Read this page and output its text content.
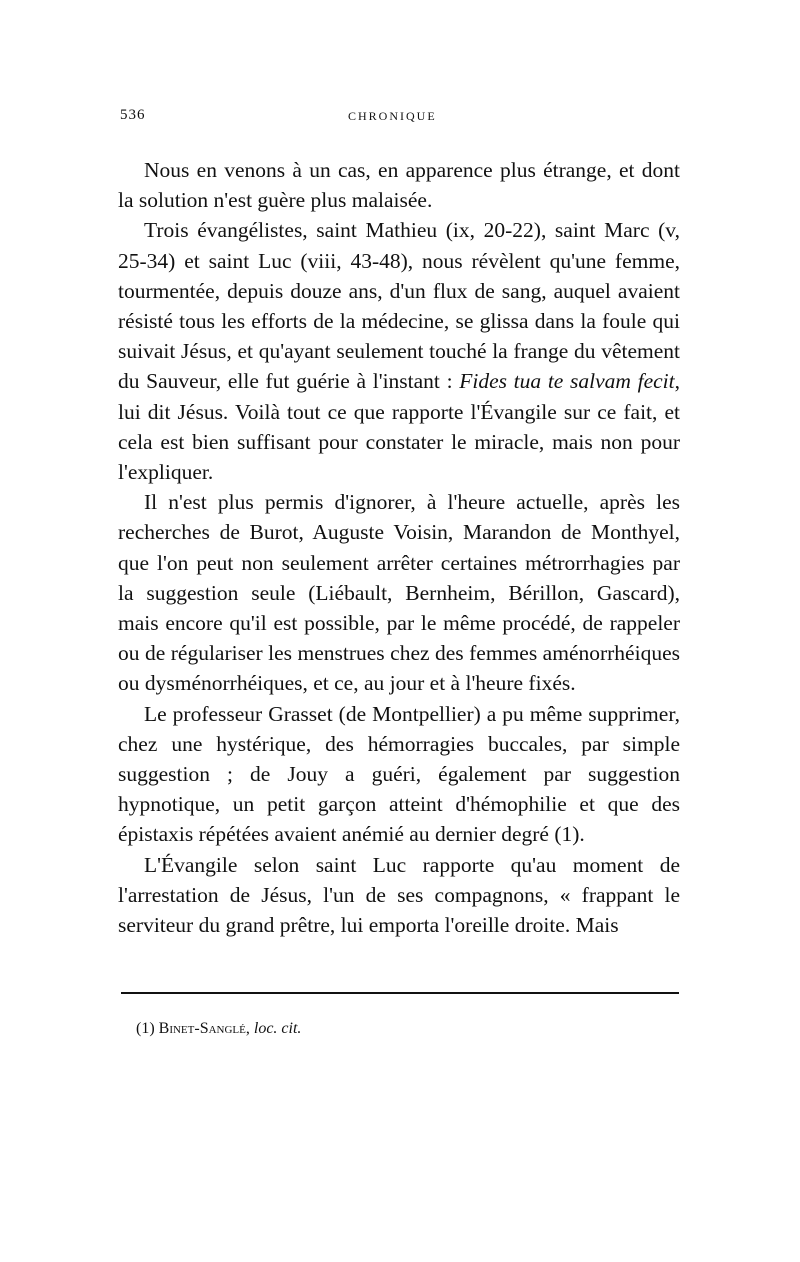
536	CHRONIQUE

Nous en venons à un cas, en apparence plus étrange, et dont la solution n'est guère plus malaisée.

Trois évangélistes, saint Mathieu (ix, 20-22), saint Marc (v, 25-34) et saint Luc (viii, 43-48), nous révèlent qu'une femme, tourmentée, depuis douze ans, d'un flux de sang, auquel avaient résisté tous les efforts de la médecine, se glissa dans la foule qui suivait Jésus, et qu'ayant seulement touché la frange du vêtement du Sauveur, elle fut guérie à l'instant : Fides tua te salvam fecit, lui dit Jésus. Voilà tout ce que rapporte l'Évangile sur ce fait, et cela est bien suffisant pour constater le miracle, mais non pour l'expliquer.

Il n'est plus permis d'ignorer, à l'heure actuelle, après les recherches de Burot, Auguste Voisin, Marandon de Monthyel, que l'on peut non seulement arrêter certaines métrorrhagies par la suggestion seule (Liébault, Bernheim, Bérillon, Gascard), mais encore qu'il est possible, par le même procédé, de rappeler ou de régulariser les menstrues chez des femmes aménorrhéiques ou dysménorrhéiques, et ce, au jour et à l'heure fixés.

Le professeur Grasset (de Montpellier) a pu même supprimer, chez une hystérique, des hémorragies buccales, par simple suggestion ; de Jouy a guéri, également par suggestion hypnotique, un petit garçon atteint d'hémophilie et que des épistaxis répétées avaient anémié au dernier degré (1).

L'Évangile selon saint Luc rapporte qu'au moment de l'arrestation de Jésus, l'un de ses compagnons, « frappant le serviteur du grand prêtre, lui emporta l'oreille droite. Mais

(1) Binet-Sanglé, loc. cit.
